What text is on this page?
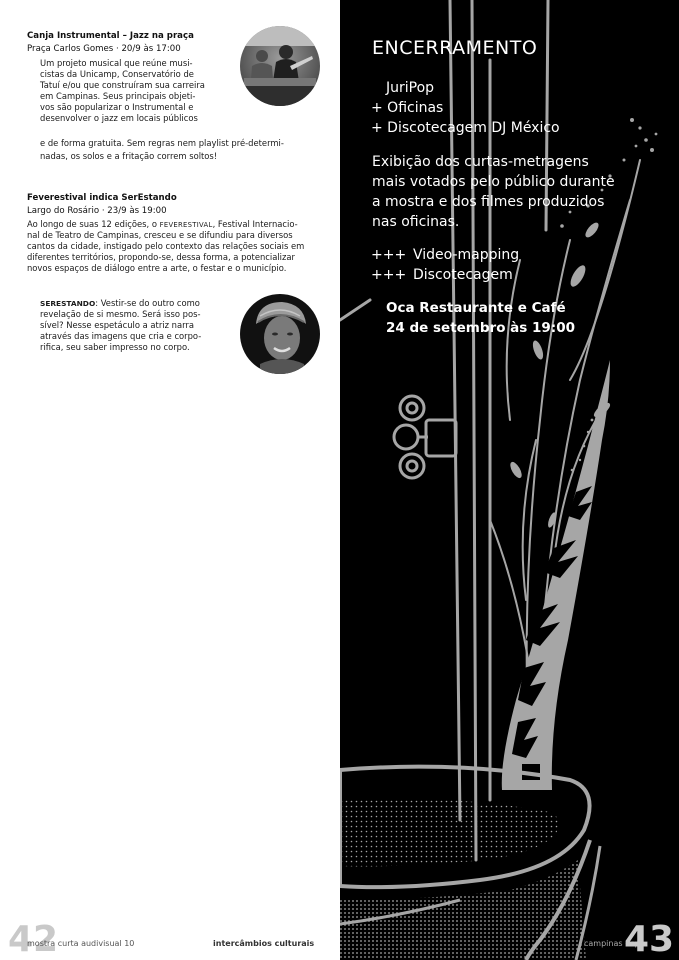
Canja Instrumental – Jazz na praça
Praça Carlos Gomes · 20/9 às 17:00
Um projeto musical que reúne musi-
cistas da Unicamp, Conservatório de
Tatuí e/ou que construíram sua carreira
em Campinas. Seus principais objeti-
vos são popularizar o Instrumental e
desenvolver o jazz em locais públicos
e de forma gratuita. Sem regras nem playlist pré-determi-
nadas, os solos e a fritação correm soltos!
Feverestival indica SerEstando
Largo do Rosário · 23/9 às 19:00
Ao longo de suas 12 edições, o FEVERESTIVAL, Festival Internacio-
nal de Teatro de Campinas, cresceu e se difundiu para diversos
cantos da cidade, instigado pelo contexto das relações sociais em
diferentes territórios, propondo-se, dessa forma, a potencializar
novos espaços de diálogo entre a arte, o festar e o município.
SERESTANDO: Vestir-se do outro como
revelação de si mesmo. Será isso pos-
sível? Nesse espetáculo a atriz narra
através das imagens que cria e corpo-
rifica, seu saber impresso no corpo.
42
mostra curta audivisual 10	intercâmbios culturais
ENCERRAMENTO
JuriPop
+ Oficinas
+ Discotecagem DJ México
Exibição dos curtas-metragens
mais votados pelo público durante
a mostra e dos filmes produzidos
nas oficinas.
+++ Video-mapping
+++ Discotecagem
Oca Restaurante e Café
24 de setembro às 19:00
campinas - sp
43
